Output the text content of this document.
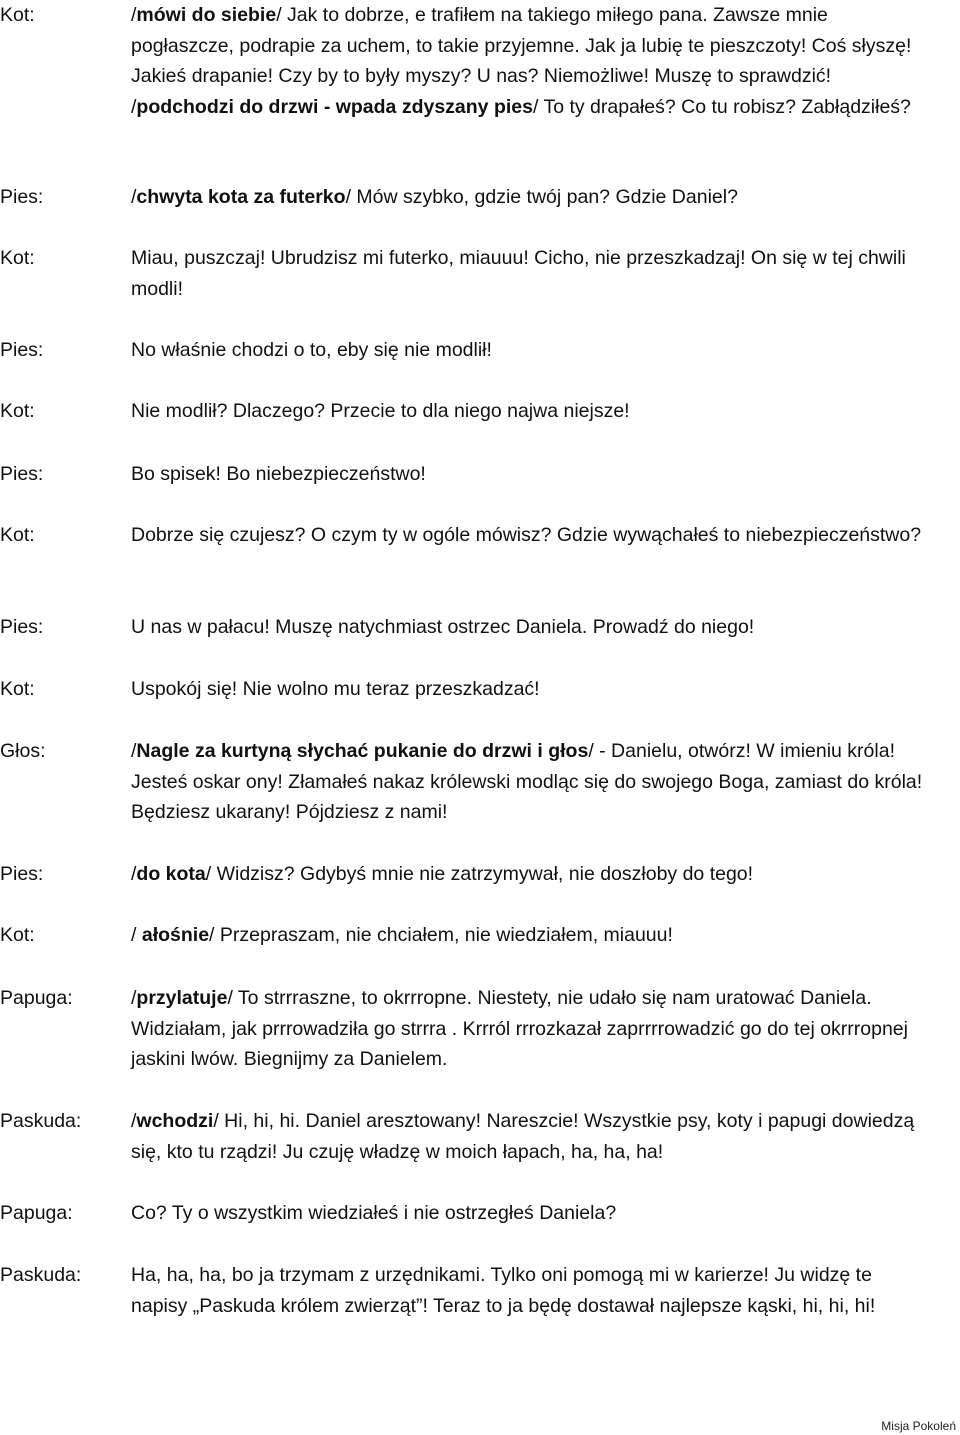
Kot:	/mówi do siebie/ Jak to dobrze, e trafiłem na takiego miłego pana. Zawsze mnie pogłaszcze, podrapie za uchem, to takie przyjemne. Jak ja lubię te pieszczoty! Coś słyszę! Jakieś drapanie! Czy by to były myszy? U nas? Niemożliwe! Muszę to sprawdzić! /podchodzi do drzwi - wpada zdyszany pies/ To ty drapałeś? Co tu robisz? Zabłądziłeś?
Pies:	/chwyta kota za futerko/ Mów szybko, gdzie twój pan? Gdzie Daniel?
Kot:	Miau, puszczaj! Ubrudzisz mi futerko, miauuu! Cicho, nie przeszkadzaj! On się w tej chwili modli!
Pies:	No właśnie chodzi o to, eby się nie modlił!
Kot:	Nie modlił? Dlaczego? Przecie to dla niego najwa niejsze!
Pies:	Bo spisek! Bo niebezpieczeństwo!
Kot:	Dobrze się czujesz? O czym ty w ogóle mówisz? Gdzie wywąchałeś to niebezpieczeństwo?
Pies:	U nas w pałacu! Muszę natychmiast ostrzec Daniela. Prowadź do niego!
Kot:	Uspokój się! Nie wolno mu teraz przeszkadzać!
Głos:	/Nagle za kurtyną słychać pukanie do drzwi i głos/ - Danielu, otwórz! W imieniu króla! Jesteś oskar ony! Złamałeś nakaz królewski modląc się do swojego Boga, zamiast do króla! Będziesz ukarany! Pójdziesz z nami!
Pies:	/do kota/ Widzisz? Gdybyś mnie nie zatrzymywał, nie doszłoby do tego!
Kot:	/ ałośnie/ Przepraszam, nie chciałem, nie wiedziałem, miauuu!
Papuga:	/przylatuje/ To strrraszne, to okrrropne. Niestety, nie udało się nam uratować Daniela. Widziałam, jak prrrowadziła go strrra . Krrról rrrozkazał zaprrrrowadzić go do tej okrrropnej jaskini lwów. Biegnijmy za Danielem.
Paskuda:	/wchodzi/ Hi, hi, hi. Daniel aresztowany! Nareszcie! Wszystkie psy, koty i papugi dowiedzą się, kto tu rządzi! Ju czuję władzę w moich łapach, ha, ha, ha!
Papuga:	Co? Ty o wszystkim wiedziałeś i nie ostrzegłeś Daniela?
Paskuda:	Ha, ha, ha, bo ja trzymam z urzędnikami. Tylko oni pomogą mi w karierze! Ju widzę te napisy „Paskuda królem zwierząt”! Teraz to ja będę dostawał najlepsze kąski, hi, hi, hi!
Misja Pokoleń
